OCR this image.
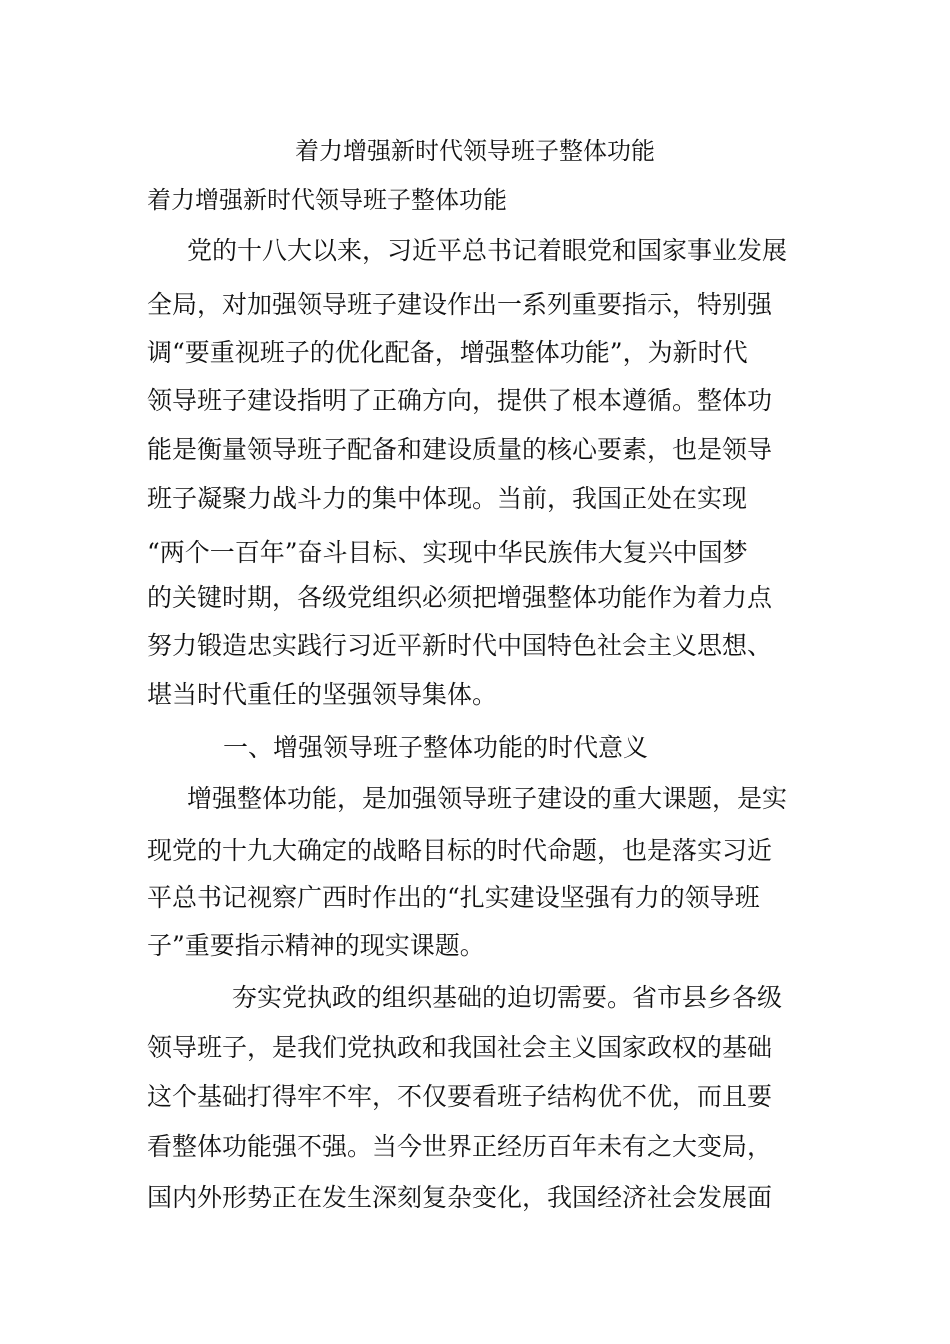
着力增强新时代领导班子整体功能
着力增强新时代领导班子整体功能
党的十八大以来，习近平总书记着眼党和国家事业发展
全局，对加强领导班子建设作出一系列重要指示，特别强
调“要重视班子的优化配备，增强整体功能”，为新时代
领导班子建设指明了正确方向，提供了根本遵循。整体功
能是衡量领导班子配备和建设质量的核心要素，也是领导
班子凝聚力战斗力的集中体现。当前，我国正处在实现
“两个一百年”奋斗目标、实现中华民族伟大复兴中国梦
的关键时期，各级党组织必须把增强整体功能作为着力点
努力锻造忠实践行习近平新时代中国特色社会主义思想、
堪当时代重任的坚强领导集体。
一、增强领导班子整体功能的时代意义
增强整体功能，是加强领导班子建设的重大课题，是实
现党的十九大确定的战略目标的时代命题，也是落实习近
平总书记视察广西时作出的“扎实建设坚强有力的领导班
子”重要指示精神的现实课题。
夯实党执政的组织基础的迫切需要。省市县乡各级
领导班子，是我们党执政和我国社会主义国家政权的基础
这个基础打得牢不牢，不仅要看班子结构优不优，而且要
看整体功能强不强。当今世界正经历百年未有之大变局，
国内外形势正在发生深刻复杂变化，我国经济社会发展面
